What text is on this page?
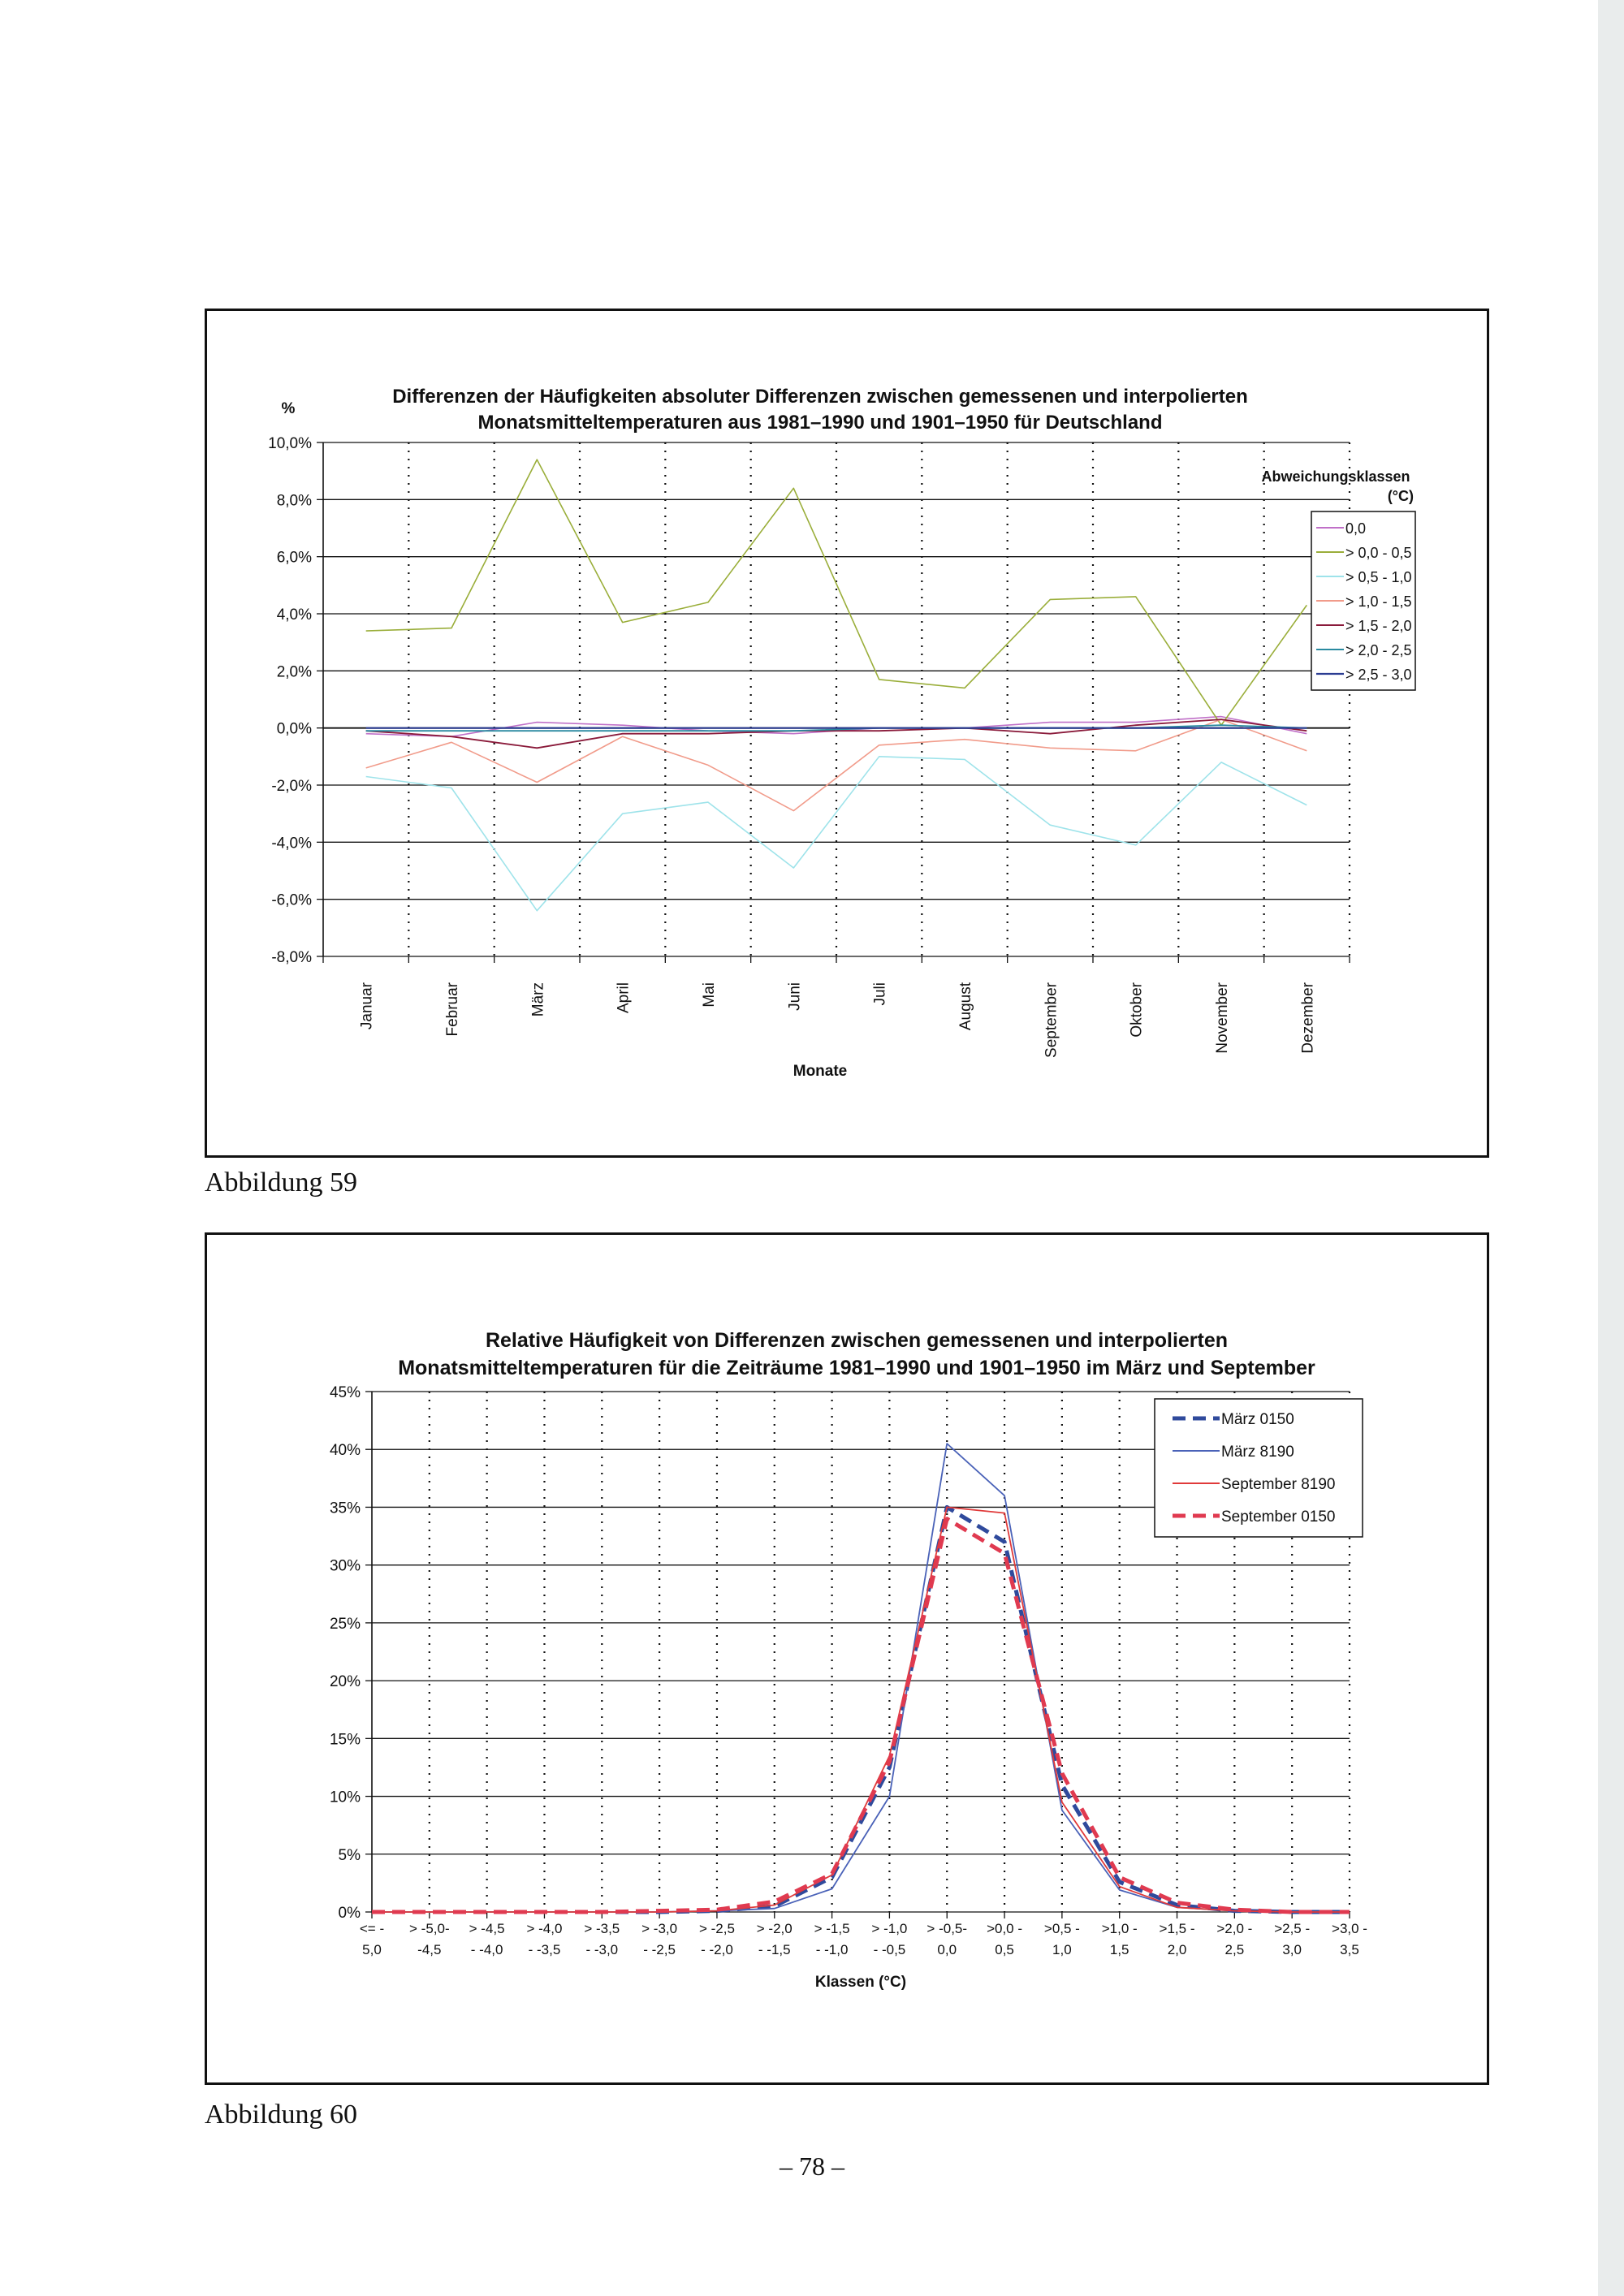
Differenzen der Häufigkeiten absoluter Differenzen zwischen gemessenen und interpolierten
Monatsmitteltemperaturen aus 1981–1990 und 1901–1950 für Deutschland
%
10,0%
8,0%
6,0%
4,0%
2,0%
0,0%
-2,0%
-4,0%
-6,0%
-8,0%
Januar	Februar	März	April	Mai	Juni	Juli	August	September	Oktober	November	Dezember
Monate
Abweichungsklassen
(°C)
0,0
> 0,0 - 0,5
> 0,5 - 1,0
> 1,0 - 1,5
> 1,5 - 2,0
> 2,0 - 2,5
> 2,5 - 3,0
Abbildung 59
Relative Häufigkeit von Differenzen zwischen gemessenen und interpolierten
Monatsmitteltemperaturen für die Zeiträume 1981–1990 und 1901–1950 im März und September
45%
40%
35%
30%
25%
20%
15%
10%
5%
0%
<= -
5,0
> -5,0-
-4,5
> -4,5
- -4,0
> -4,0
- -3,5
> -3,5
- -3,0
> -3,0
- -2,5
> -2,5
- -2,0
> -2,0
- -1,5
> -1,5
- -1,0
> -1,0
- -0,5
> -0,5-
0,0
>0,0 -
0,5
>0,5 -
1,0
>1,0 -
1,5
>1,5 -
2,0
>2,0 -
2,5
>2,5 -
3,0
>3,0 -
3,5
Klassen (°C)
März 0150
März 8190
September 8190
September 0150
Abbildung 60
– 78 –
